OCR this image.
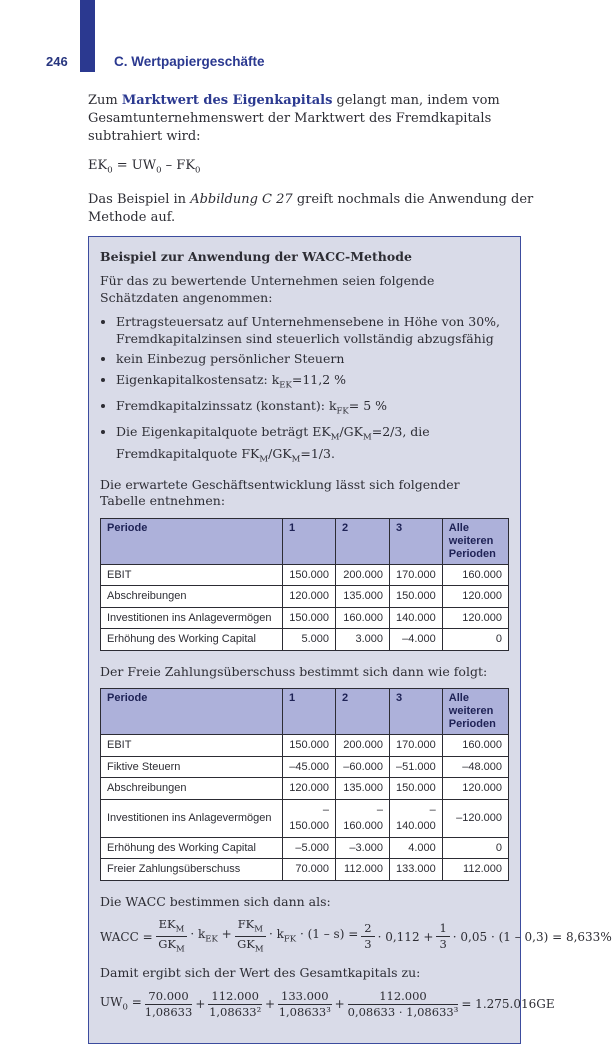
246	C. Wertpapiergeschäfte

Zum Marktwert des Eigenkapitals gelangt man, indem vom Gesamtunternehmenswert der Marktwert des Fremdkapitals subtrahiert wird:

$EK_0 = UW_0 - FK_0$

Das Beispiel in Abbildung C 27 greift nochmals die Anwendung der Methode auf.

Beispiel zur Anwendung der WACC-Methode

Für das zu bewertende Unternehmen seien folgende Schätzdaten angenommen:

• Ertragsteuersatz auf Unternehmensebene in Höhe von 30%, Fremdkapitalzinsen sind steuerlich vollständig abzugsfähig
• kein Einbezug persönlicher Steuern
• Eigenkapitalkostensatz: $k_{EK}=11,2$ %
• Fremdkapitalzinssatz (konstant): $k_{FK}= 5$ %
• Die Eigenkapitalquote beträgt $EK_M/GK_M=2/3$, die Fremdkapitalquote $FK_M/GK_M=1/3$.

Die erwartete Geschäftsentwicklung lässt sich folgender Tabelle entnehmen:

Periode	1	2	3	Alle weiteren Perioden
EBIT	150.000	200.000	170.000	160.000
Abschreibungen	120.000	135.000	150.000	120.000
Investitionen ins Anlagevermögen	150.000	160.000	140.000	120.000
Erhöhung des Working Capital	5.000	3.000	–4.000	0

Der Freie Zahlungsüberschuss bestimmt sich dann wie folgt:

Periode	1	2	3	Alle weiteren Perioden
EBIT	150.000	200.000	170.000	160.000
Fiktive Steuern	–45.000	–60.000	–51.000	–48.000
Abschreibungen	120.000	135.000	150.000	120.000
Investitionen ins Anlagevermögen	–150.000	–160.000	–140.000	–120.000
Erhöhung des Working Capital	–5.000	–3.000	4.000	0
Freier Zahlungsüberschuss	70.000	112.000	133.000	112.000

Die WACC bestimmen sich dann als:

WACC = $\frac{EK_M}{GK_M} \cdot k_{EK} + \frac{FK_M}{GK_M} \cdot k_{FK} \cdot (1 - s) = \frac{2}{3} \cdot 0,112 + \frac{1}{3} \cdot 0,05 \cdot (1 - 0,3) = 8,633\%$

Damit ergibt sich der Wert des Gesamtkapitals zu:

$UW_0 = \frac{70.000}{1,08633} + \frac{112.000}{\text{1,08633²}} + \frac{133.000}{\text{1,08633³}} + \frac{112.000}{\text{0,08633 · 1,08633³}} = 1.275.016GE$
